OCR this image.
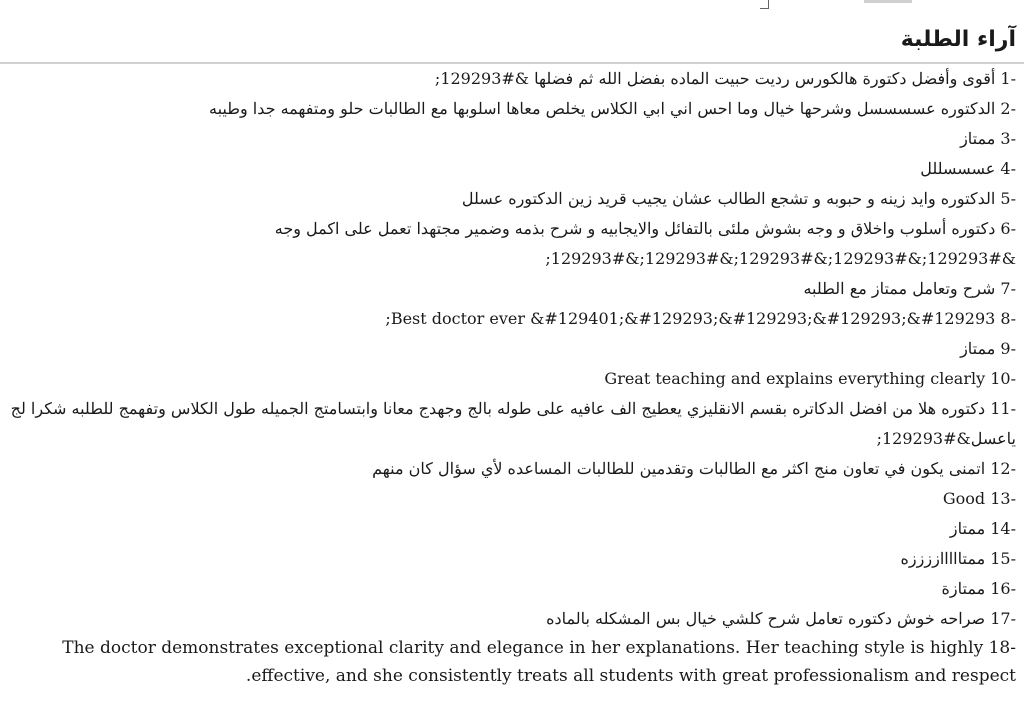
آراء الطلبة
-1 أقوى وأفضل دكتورة هالكورس رديت حبيت الماده بفضل الله ثم فضلها &#129293;
-2 الدكتوره عسسسسل وشرحها خيال وما احس اني ابي الكلاس يخلص معاها اسلوبها مع الطالبات حلو ومتفهمه جدا وطيبه
-3 ممتاز
-4 عسسسللل
-5 الدكتوره وايد زينه و حبوبه و تشجع الطالب عشان يجيب قريد زين الدكتوره عسلل
-6 دكتوره أسلوب واخلاق و وجه بشوش ملئى بالتفائل والايجابيه و شرح بذمه وضمير مجتهدا تعمل على اكمل وجه &#129293;&#129293;&#129293;&#129293;&#129293;
-7 شرح وتعامل ممتاز مع الطلبه
-8 Best doctor ever &#129401;&#129293;&#129293;&#129293;&#129293;
-9 ممتاز
-10 Great teaching and explains everything clearly
-11 دكتوره هلا من افضل الدكاتره بقسم الانقليزي يعطيج الف عافيه على طوله بالج وجهدج معانا وابتسامتج الجميله طول الكلاس وتفهمج للطلبه شكرا لج ياعسل&#129293;
-12 اتمنى يكون في تعاون منج اكثر مع الطالبات وتقدمين للطالبات المساعده لأي سؤال كان منهم
-13 Good
-14 ممتاز
-15 ممتاااااززززه
-16 ممتازة
-17 صراحه خوش دكتوره تعامل شرح كلشي خيال بس المشكله بالماده
-18 The doctor demonstrates exceptional clarity and elegance in her explanations. Her teaching style is highly effective, and she consistently treats all students with great professionalism and respect.
